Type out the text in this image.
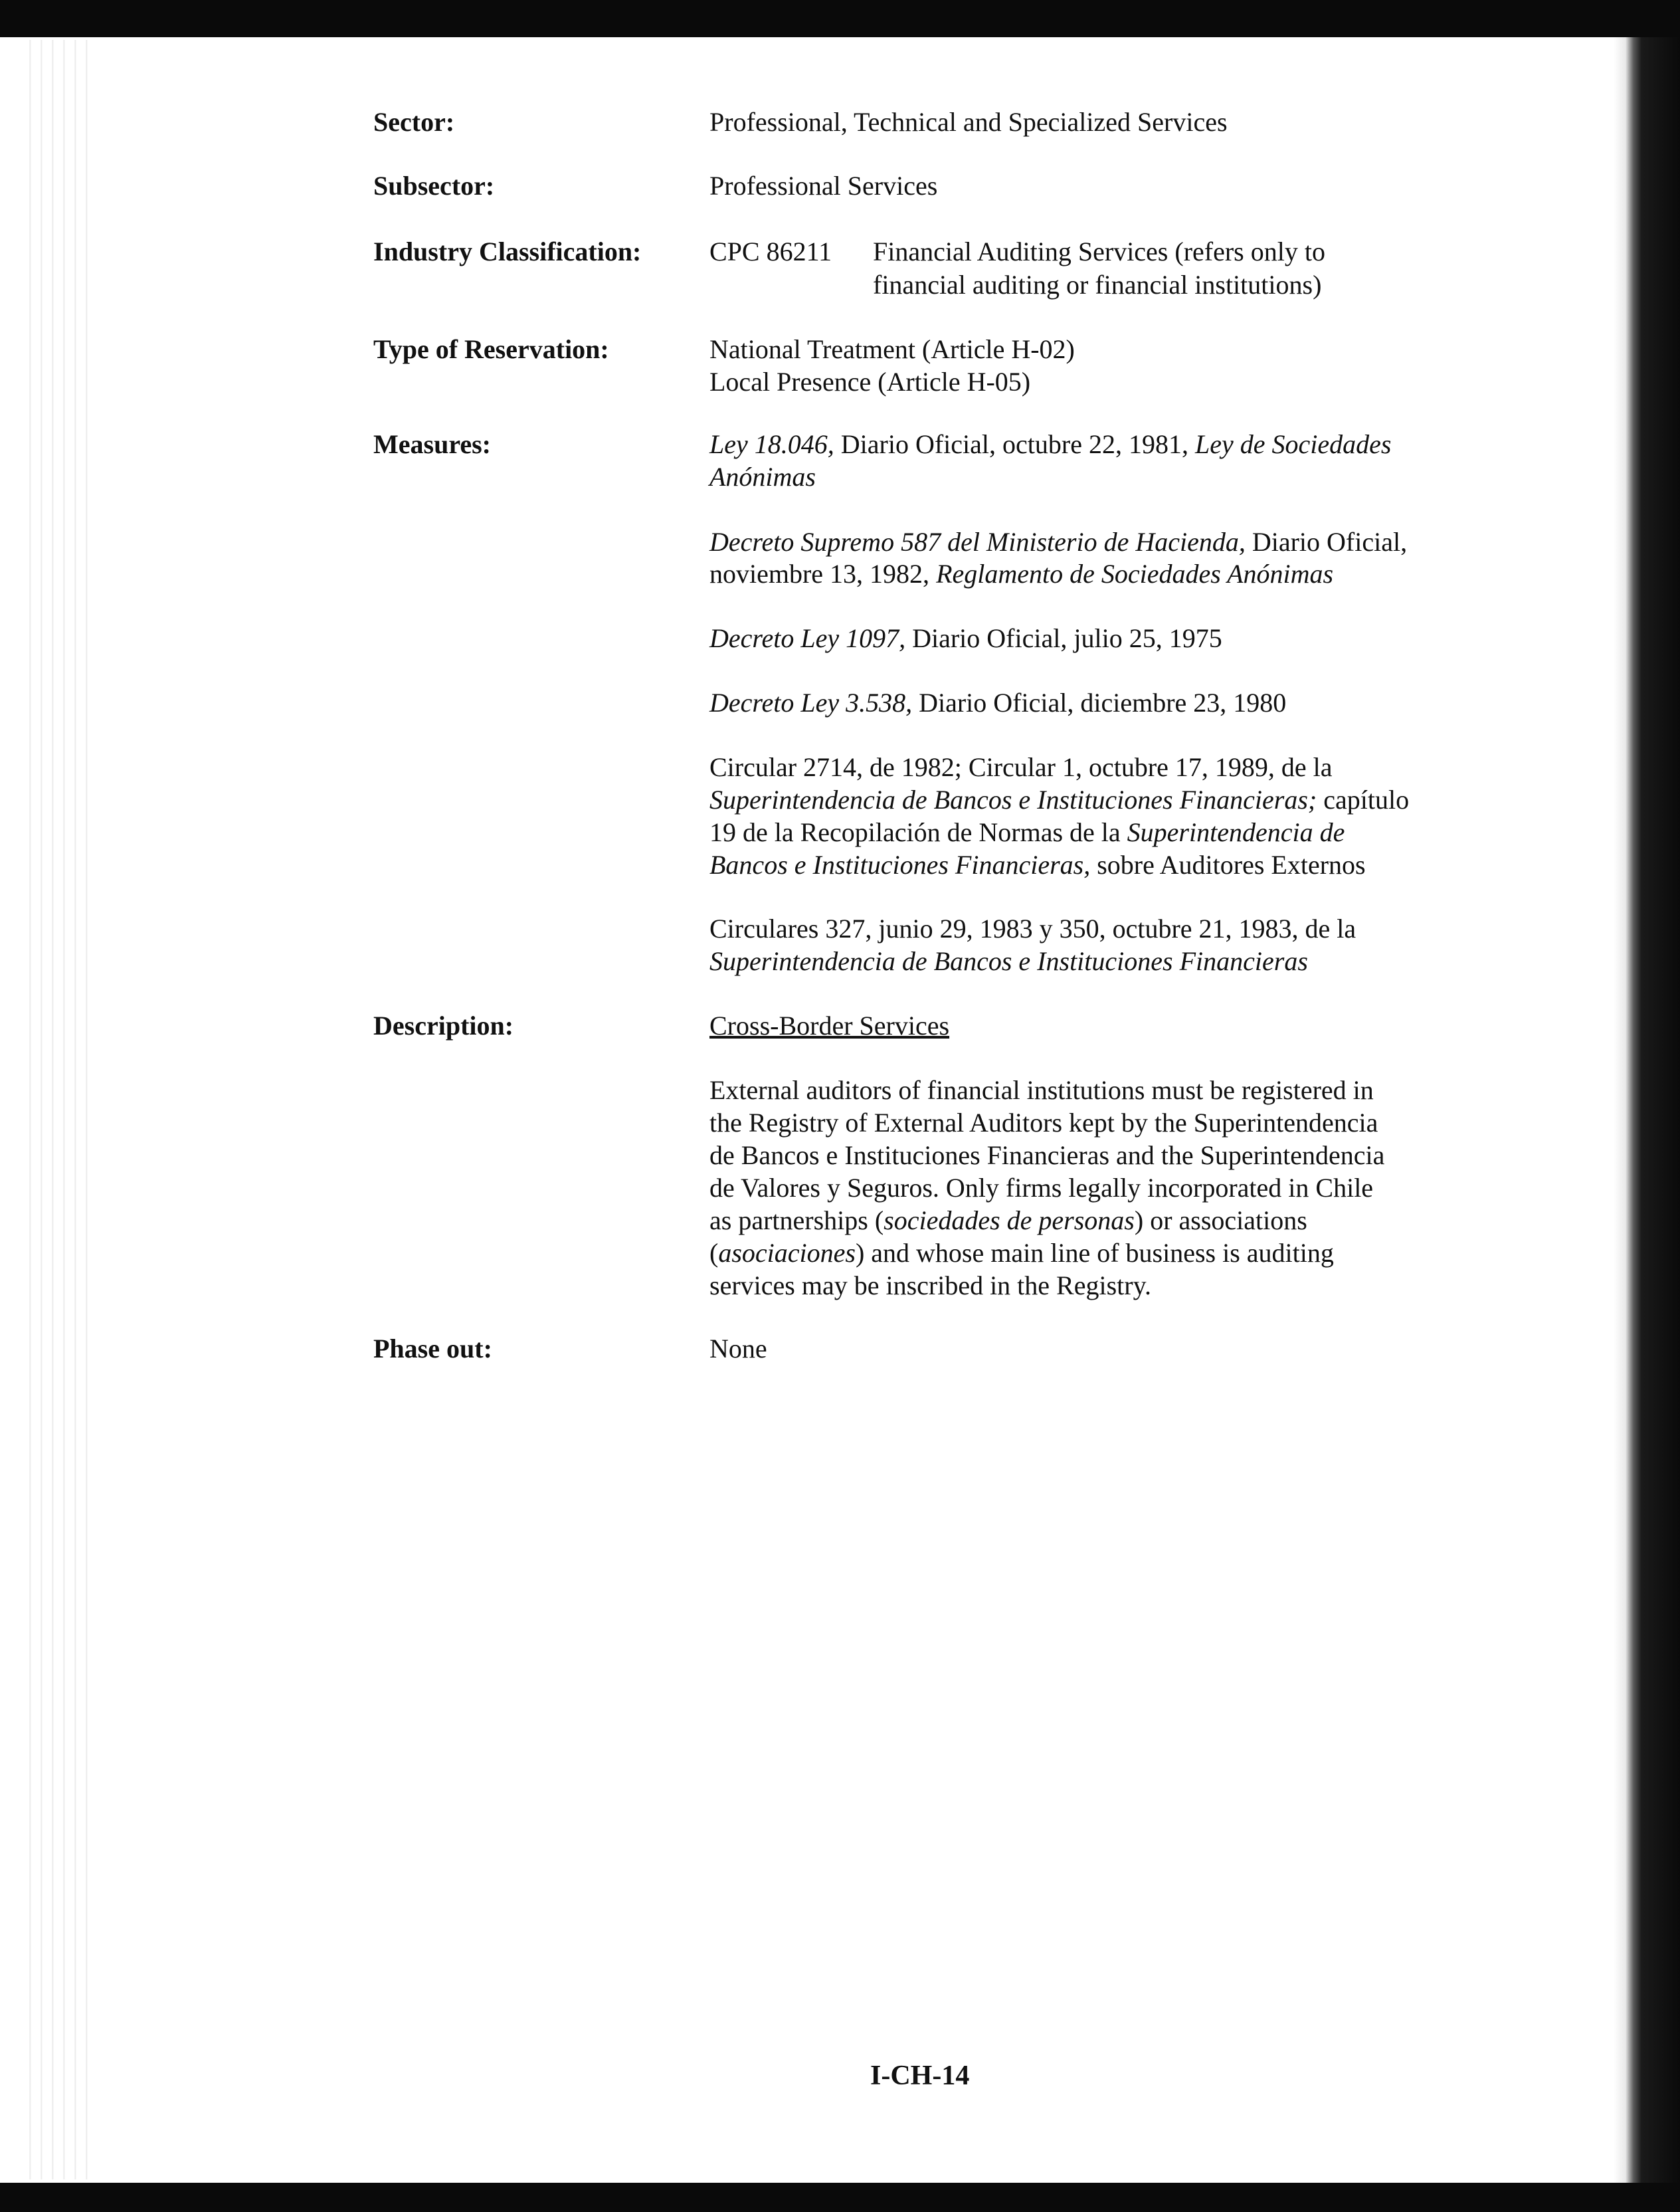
Sector:	Professional, Technical and Specialized Services
Subsector:	Professional Services
Industry Classification:	CPC 86211 Financial Auditing Services (refers only to
financial auditing or financial institutions)
Type of Reservation:	National Treatment (Article H-02)
Local Presence (Article H-05)
Measures:	Ley 18.046, Diario Oficial, octubre 22, 1981, Ley de Sociedades
Anónimas
Decreto Supremo 587 del Ministerio de Hacienda, Diario Oficial,
noviembre 13, 1982, Reglamento de Sociedades Anónimas
Decreto Ley 1097, Diario Oficial, julio 25, 1975
Decreto Ley 3.538, Diario Oficial, diciembre 23, 1980
Circular 2714, de 1982; Circular 1, octubre 17, 1989, de la
Superintendencia de Bancos e Instituciones Financieras; capítulo
19 de la Recopilación de Normas de la Superintendencia de
Bancos e Instituciones Financieras, sobre Auditores Externos
Circulares 327, junio 29, 1983 y 350, octubre 21, 1983, de la
Superintendencia de Bancos e Instituciones Financieras
Description:	Cross-Border Services
External auditors of financial institutions must be registered in
the Registry of External Auditors kept by the Superintendencia
de Bancos e Instituciones Financieras and the Superintendencia
de Valores y Seguros. Only firms legally incorporated in Chile
as partnerships (sociedades de personas) or associations
(asociaciones) and whose main line of business is auditing
services may be inscribed in the Registry.
Phase out:	None
I-CH-14
